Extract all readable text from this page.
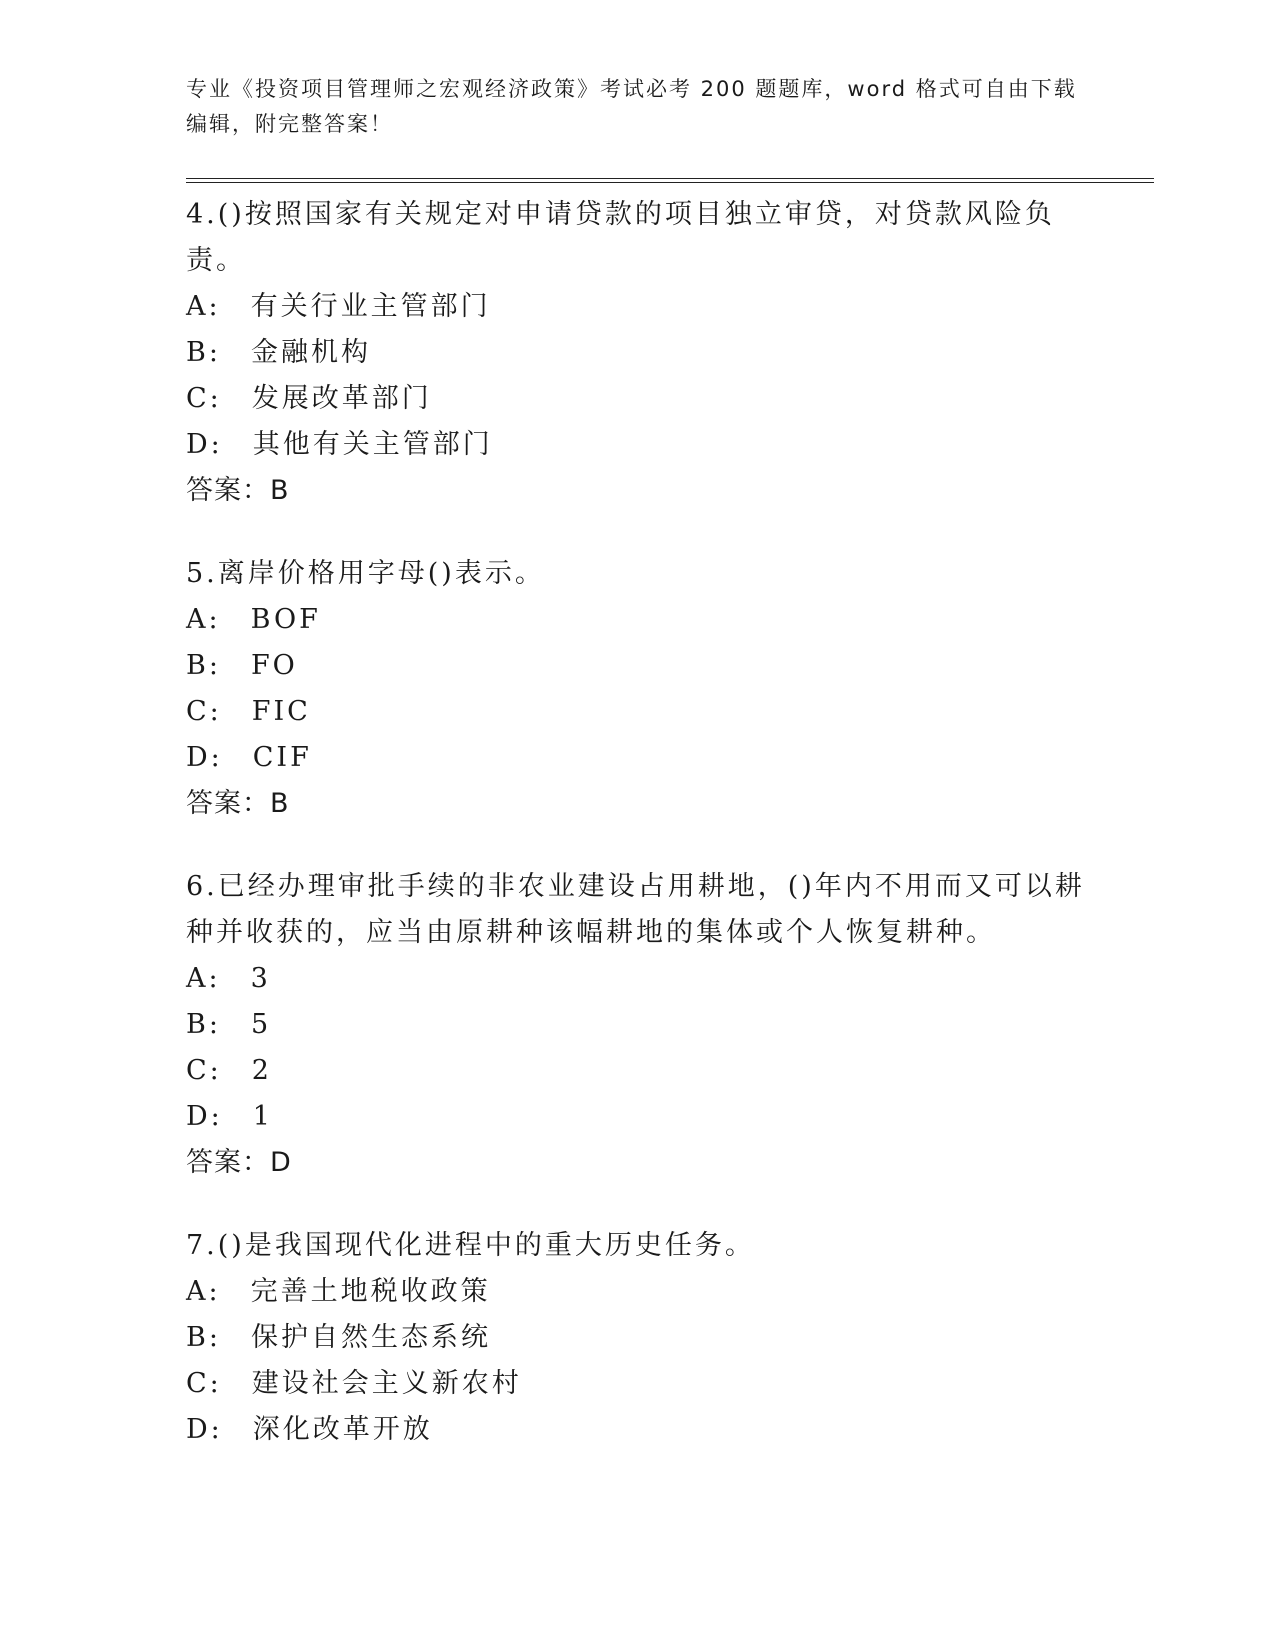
专业《投资项目管理师之宏观经济政策》考试必考 200 题题库，word 格式可自由下载编辑，附完整答案！

4.()按照国家有关规定对申请贷款的项目独立审贷，对贷款风险负责。

A: 有关行业主管部门

B: 金融机构

C: 发展改革部门

D: 其他有关主管部门

答案：B

5.离岸价格用字母()表示。

A: BOF

B: FO

C: FIC

D: CIF

答案：B

6.已经办理审批手续的非农业建设占用耕地，()年内不用而又可以耕种并收获的，应当由原耕种该幅耕地的集体或个人恢复耕种。

A: 3

B: 5

C: 2

D: 1

答案：D

7.()是我国现代化进程中的重大历史任务。

A: 完善土地税收政策

B: 保护自然生态系统

C: 建设社会主义新农村

D: 深化改革开放
